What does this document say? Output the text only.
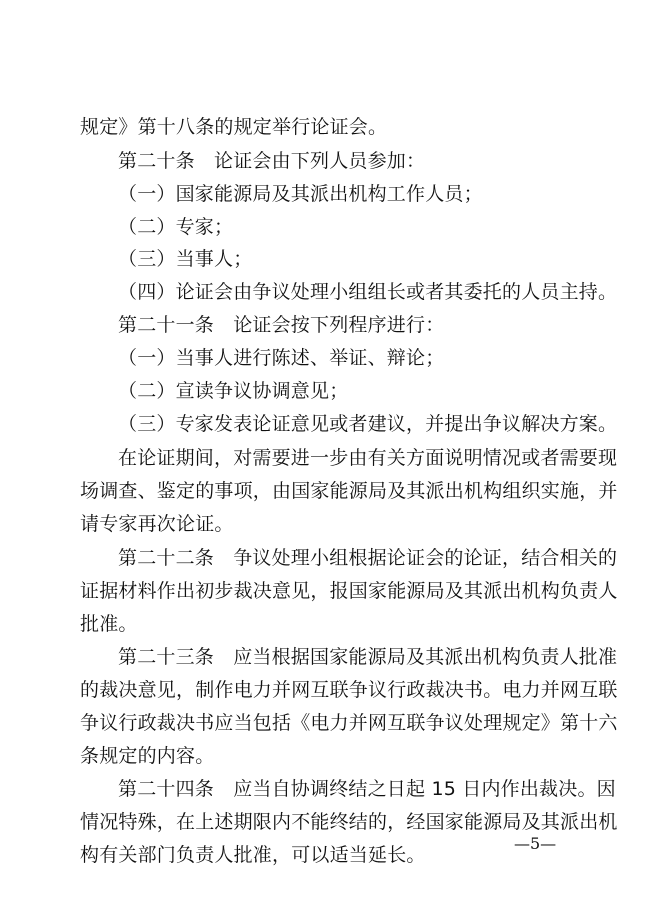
规定》第十八条的规定举行论证会。
第二十条　论证会由下列人员参加：
（一）国家能源局及其派出机构工作人员；
（二）专家；
（三）当事人；
（四）论证会由争议处理小组组长或者其委托的人员主持。
第二十一条　论证会按下列程序进行：
（一）当事人进行陈述、举证、辩论；
（二）宣读争议协调意见；
（三）专家发表论证意见或者建议，并提出争议解决方案。
在论证期间，对需要进一步由有关方面说明情况或者需要现
场调查、鉴定的事项，由国家能源局及其派出机构组织实施，并
请专家再次论证。
第二十二条　争议处理小组根据论证会的论证，结合相关的
证据材料作出初步裁决意见，报国家能源局及其派出机构负责人
批准。
第二十三条　应当根据国家能源局及其派出机构负责人批准
的裁决意见，制作电力并网互联争议行政裁决书。电力并网互联
争议行政裁决书应当包括《电力并网互联争议处理规定》第十六
条规定的内容。
第二十四条　应当自协调终结之日起 15 日内作出裁决。因
情况特殊，在上述期限内不能终结的，经国家能源局及其派出机
构有关部门负责人批准，可以适当延长。
—5—
